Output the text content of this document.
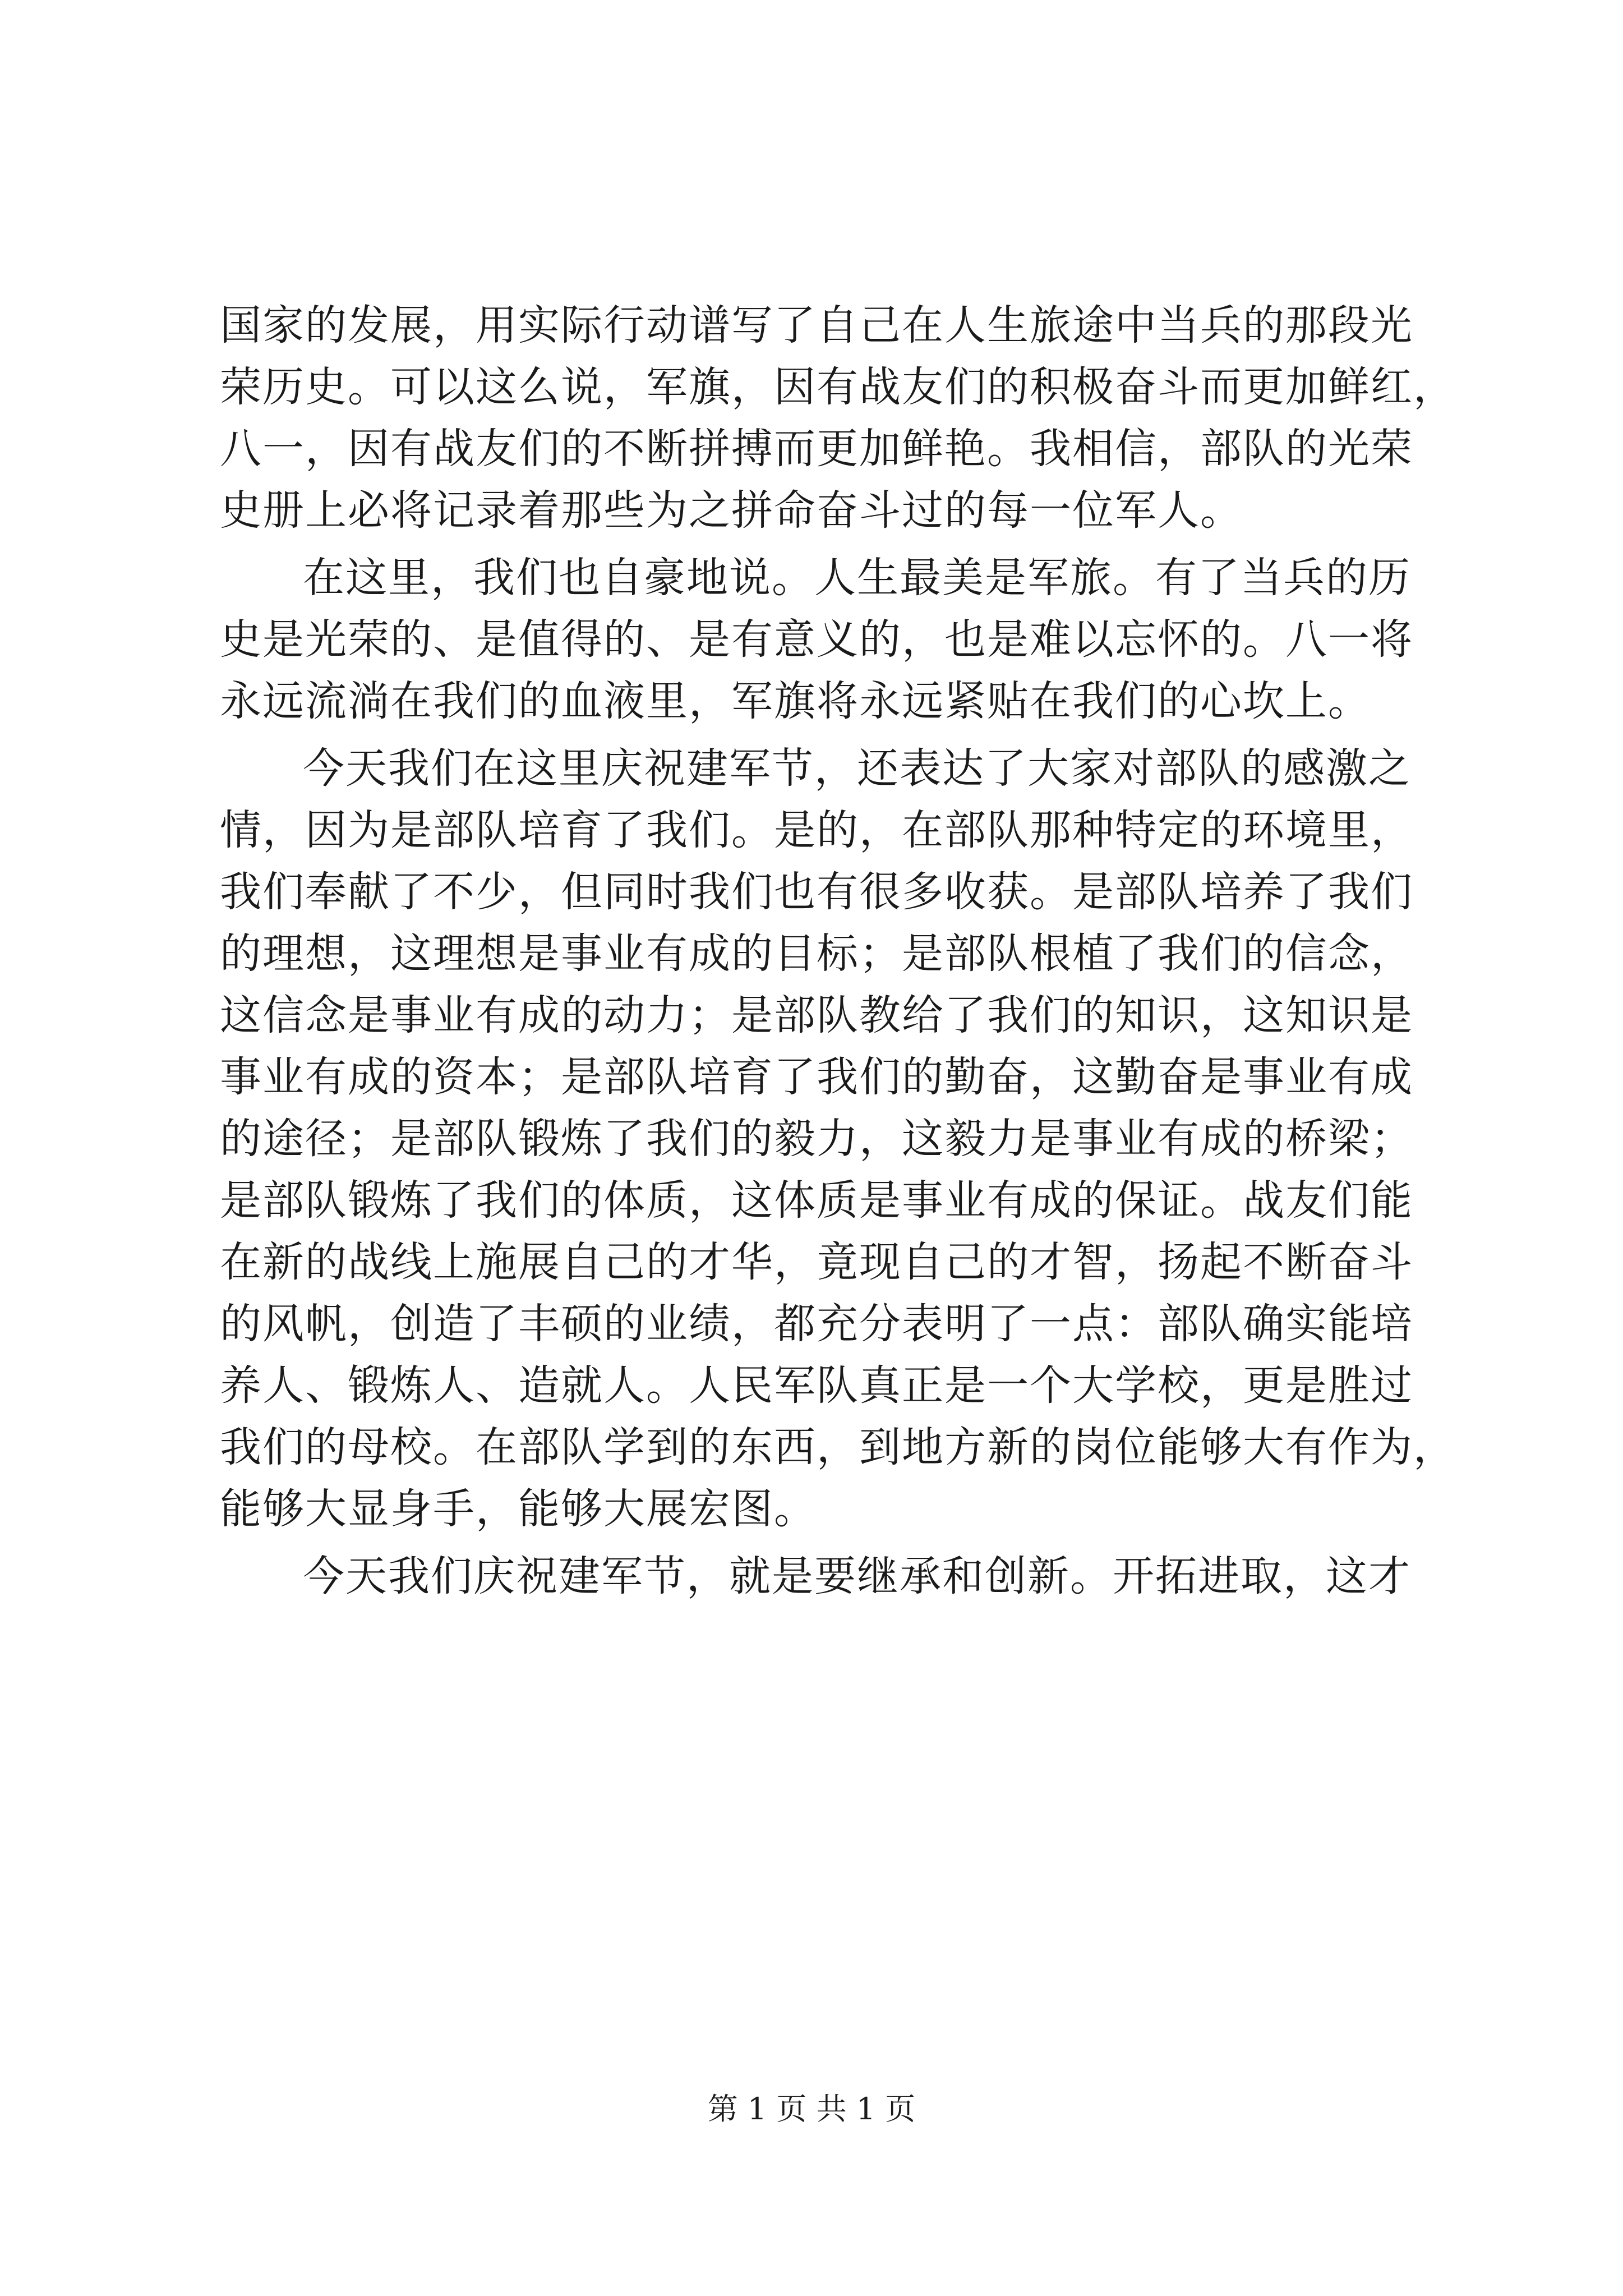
国家的发展，用实际行动谱写了自己在人生旅途中当兵的那段光
荣历史。可以这么说，军旗，因有战友们的积极奋斗而更加鲜红，
八一，因有战友们的不断拼搏而更加鲜艳。我相信，部队的光荣
史册上必将记录着那些为之拼命奋斗过的每一位军人。
在这里，我们也自豪地说。人生最美是军旅。有了当兵的历
史是光荣的、是值得的、是有意义的，也是难以忘怀的。八一将
永远流淌在我们的血液里，军旗将永远紧贴在我们的心坎上。
今天我们在这里庆祝建军节，还表达了大家对部队的感激之
情，因为是部队培育了我们。是的，在部队那种特定的环境里，
我们奉献了不少，但同时我们也有很多收获。是部队培养了我们
的理想，这理想是事业有成的目标；是部队根植了我们的信念，
这信念是事业有成的动力；是部队教给了我们的知识，这知识是
事业有成的资本；是部队培育了我们的勤奋，这勤奋是事业有成
的途径；是部队锻炼了我们的毅力，这毅力是事业有成的桥梁；
是部队锻炼了我们的体质，这体质是事业有成的保证。战友们能
在新的战线上施展自己的才华，竟现自己的才智，扬起不断奋斗
的风帆，创造了丰硕的业绩，都充分表明了一点：部队确实能培
养人、锻炼人、造就人。人民军队真正是一个大学校，更是胜过
我们的母校。在部队学到的东西，到地方新的岗位能够大有作为，
能够大显身手，能够大展宏图。
今天我们庆祝建军节，就是要继承和创新。开拓进取，这才
第 1 页 共 1 页
